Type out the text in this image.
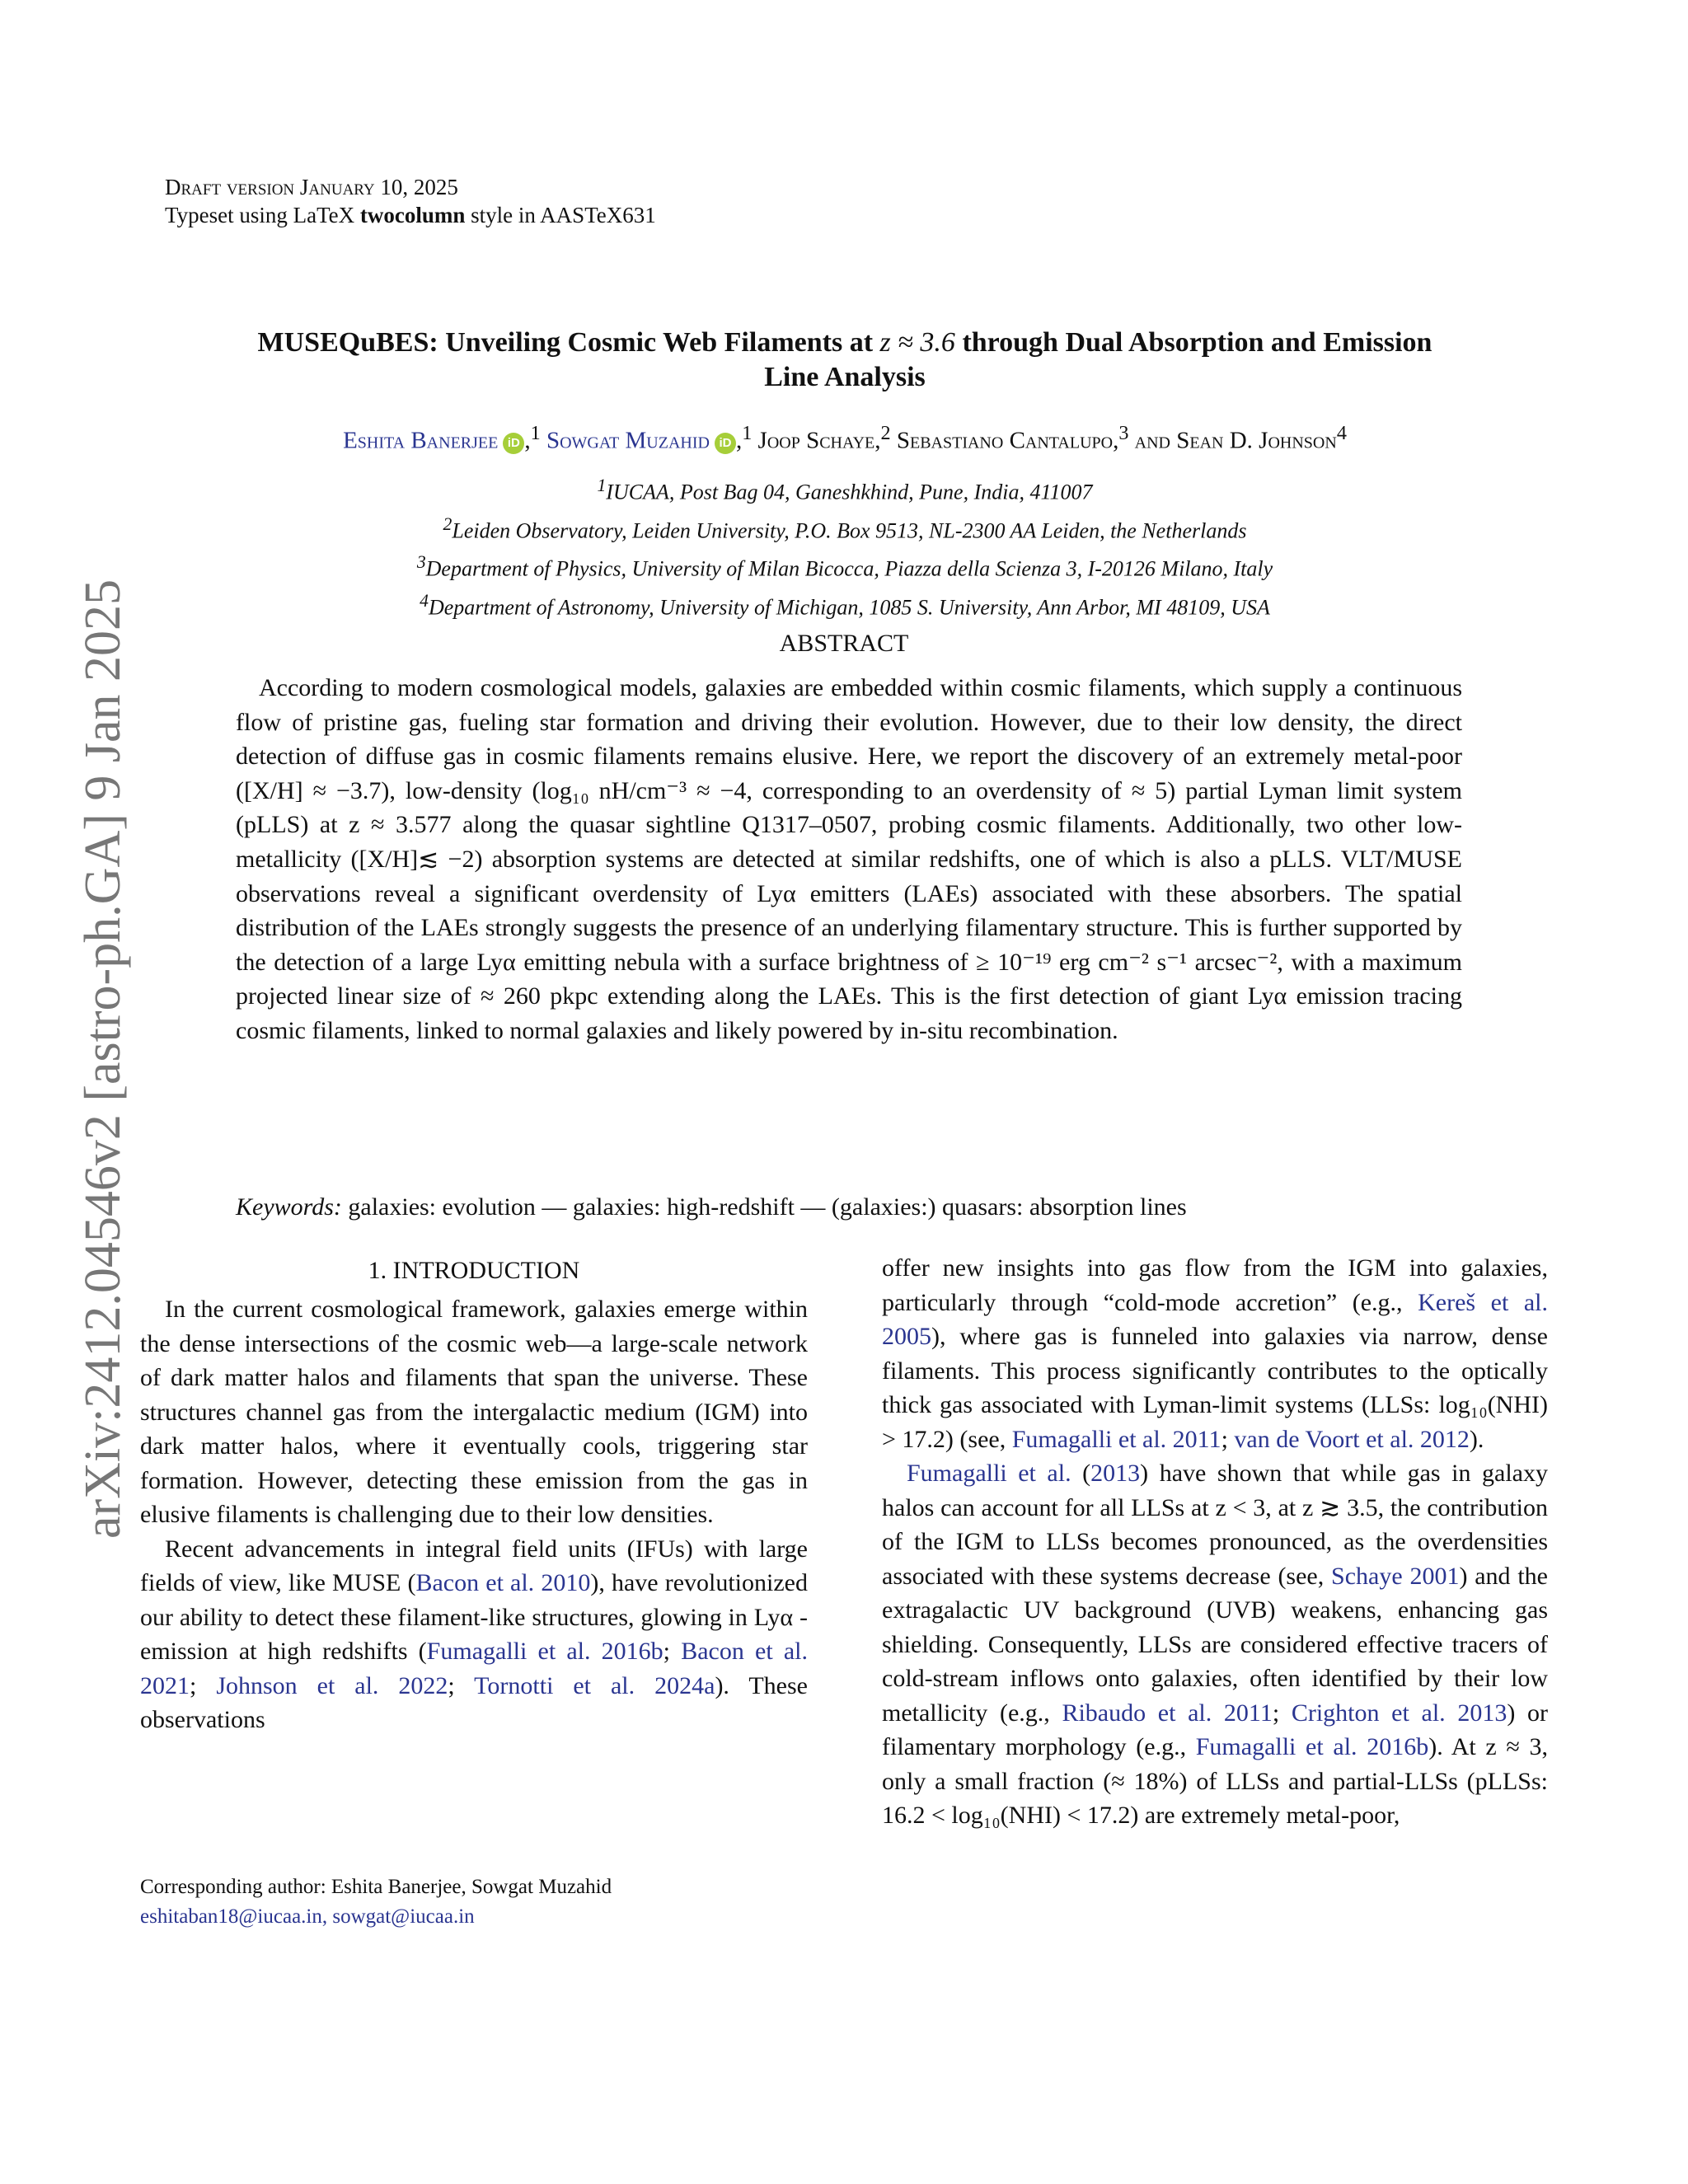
Draft version January 10, 2025
Typeset using LaTeX twocolumn style in AASTeX631
arXiv:2412.04546v2 [astro-ph.GA] 9 Jan 2025
MUSEQuBES: Unveiling Cosmic Web Filaments at z ≈ 3.6 through Dual Absorption and Emission
Line Analysis
Eshita Banerjee iD ,$^1$ Sowgat Muzahid iD ,$^1$ Joop Schaye,$^2$ Sebastiano Cantalupo,$^3$ and Sean D. Johnson$^4$
$^1$IUCAA, Post Bag 04, Ganeshkhind, Pune, India, 411007
$^2$Leiden Observatory, Leiden University, P.O. Box 9513, NL-2300 AA Leiden, the Netherlands
$^3$Department of Physics, University of Milan Bicocca, Piazza della Scienza 3, I-20126 Milano, Italy
$^4$Department of Astronomy, University of Michigan, 1085 S. University, Ann Arbor, MI 48109, USA
ABSTRACT
According to modern cosmological models, galaxies are embedded within cosmic filaments, which supply a continuous flow of pristine gas, fueling star formation and driving their evolution. However, due to their low density, the direct detection of diffuse gas in cosmic filaments remains elusive. Here, we report the discovery of an extremely metal-poor ([X/H] ≈ −3.7), low-density (log₁₀ nH/cm⁻³ ≈ −4, corresponding to an overdensity of ≈ 5) partial Lyman limit system (pLLS) at z ≈ 3.577 along the quasar sightline Q1317–0507, probing cosmic filaments. Additionally, two other low-metallicity ([X/H]≲ −2) absorption systems are detected at similar redshifts, one of which is also a pLLS. VLT/MUSE observations reveal a significant overdensity of Lyα emitters (LAEs) associated with these absorbers. The spatial distribution of the LAEs strongly suggests the presence of an underlying filamentary structure. This is further supported by the detection of a large Lyα emitting nebula with a surface brightness of ≥ 10⁻¹⁹ erg cm⁻² s⁻¹ arcsec⁻², with a maximum projected linear size of ≈ 260 pkpc extending along the LAEs. This is the first detection of giant Lyα emission tracing cosmic filaments, linked to normal galaxies and likely powered by in-situ recombination.
Keywords: galaxies: evolution — galaxies: high-redshift — (galaxies:) quasars: absorption lines
1. INTRODUCTION

In the current cosmological framework, galaxies emerge within the dense intersections of the cosmic web—a large-scale network of dark matter halos and filaments that span the universe. These structures channel gas from the intergalactic medium (IGM) into dark matter halos, where it eventually cools, triggering star formation. However, detecting these emission from the gas in elusive filaments is challenging due to their low densities.

Recent advancements in integral field units (IFUs) with large fields of view, like MUSE (Bacon et al. 2010), have revolutionized our ability to detect these filament-like structures, glowing in Lyα -emission at high redshifts (Fumagalli et al. 2016b; Bacon et al. 2021; Johnson et al. 2022; Tornotti et al. 2024a). These observations

Corresponding author: Eshita Banerjee, Sowgat Muzahid
eshitaban18@iucaa.in, sowgat@iucaa.in

offer new insights into gas flow from the IGM into galaxies, particularly through “cold-mode accretion” (e.g., Kereš et al. 2005), where gas is funneled into galaxies via narrow, dense filaments. This process significantly contributes to the optically thick gas associated with Lyman-limit systems (LLSs: log₁₀(NHI) > 17.2) (see, Fumagalli et al. 2011; van de Voort et al. 2012).

Fumagalli et al. (2013) have shown that while gas in galaxy halos can account for all LLSs at z < 3, at z ≳ 3.5, the contribution of the IGM to LLSs becomes pronounced, as the overdensities associated with these systems decrease (see, Schaye 2001) and the extragalactic UV background (UVB) weakens, enhancing gas shielding. Consequently, LLSs are considered effective tracers of cold-stream inflows onto galaxies, often identified by their low metallicity (e.g., Ribaudo et al. 2011; Crighton et al. 2013) or filamentary morphology (e.g., Fumagalli et al. 2016b). At z ≈ 3, only a small fraction (≈ 18%) of LLSs and partial-LLSs (pLLSs: 16.2 < log₁₀(NHI) < 17.2) are extremely metal-poor,
